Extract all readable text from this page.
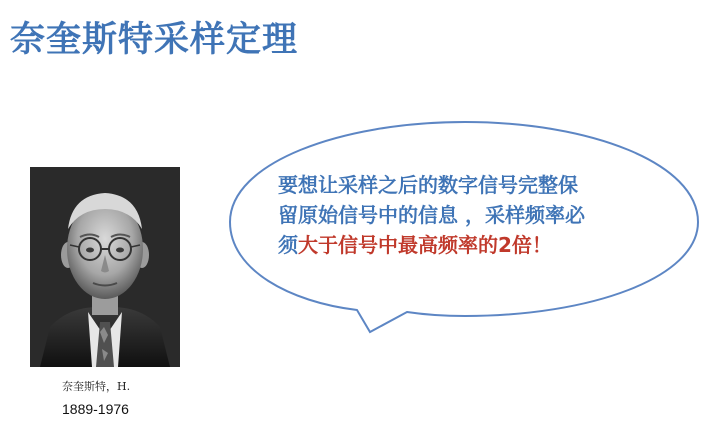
奈奎斯特采样定理
奈奎斯特，H.
1889-1976
要想让采样之后的数字信号完整保
留原始信号中的信息 ，采样频率必
须大于信号中最高频率的2倍！
